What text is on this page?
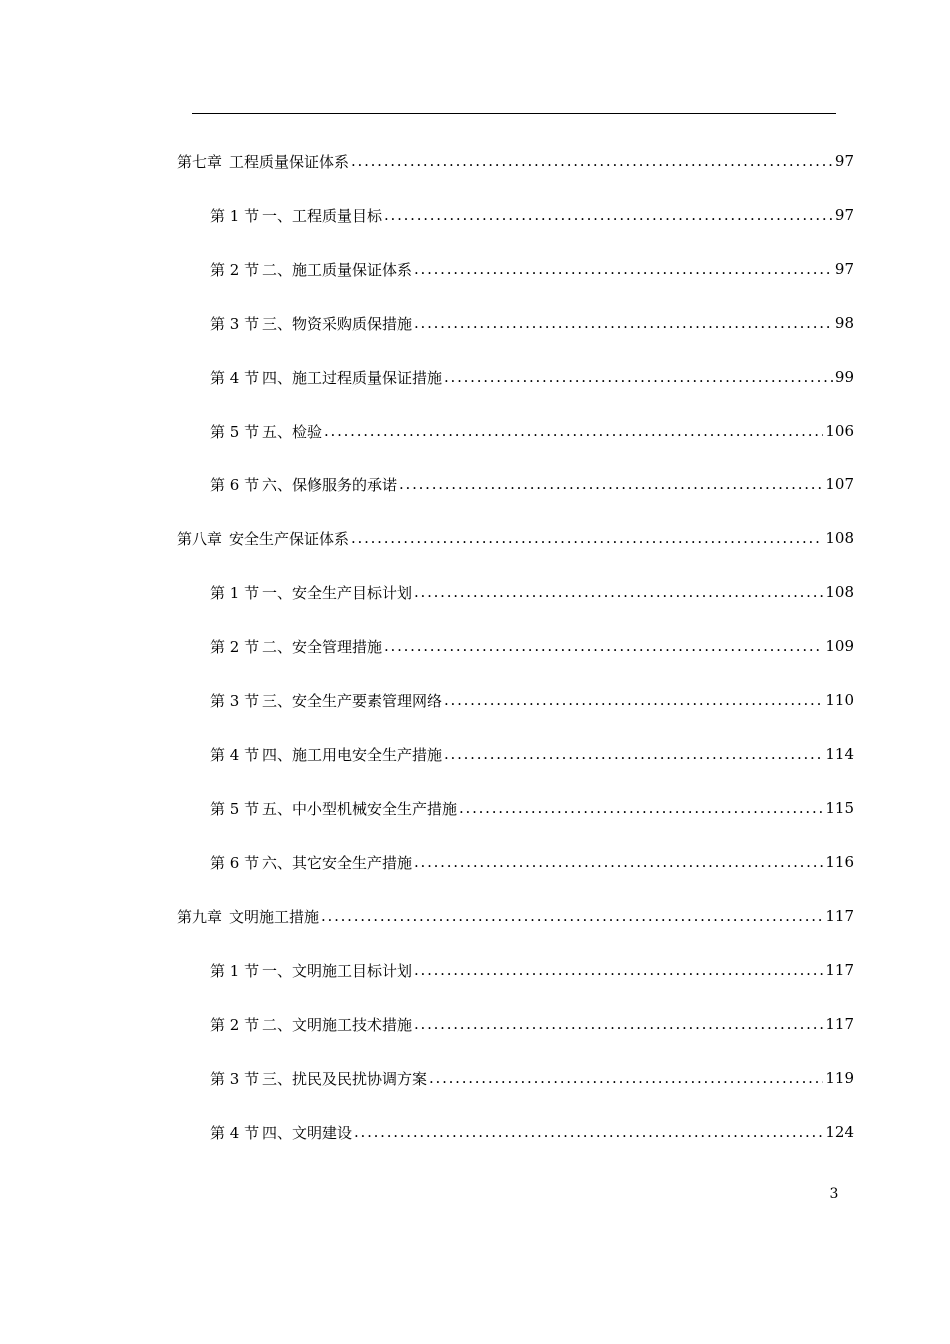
第七章 工程质量保证体系 . . .	97
第 1 节 一、工程质量目标 . . .	97
第 2 节 二、施工质量保证体系 . . .	97
第 3 节 三、物资采购质保措施 . . .	98
第 4 节 四、施工过程质量保证措施 . . .	99
第 5 节 五、检验 . . .	106
第 6 节 六、保修服务的承诺 . . .	107
第八章 安全生产保证体系 . . .	108
第 1 节 一、安全生产目标计划 . . .	108
第 2 节 二、安全管理措施 . . .	109
第 3 节 三、安全生产要素管理网络 . . .	110
第 4 节 四、施工用电安全生产措施 . . .	114
第 5 节 五、中小型机械安全生产措施 . . .	115
第 6 节 六、其它安全生产措施 . . .	116
第九章 文明施工措施 . . .	117
第 1 节 一、文明施工目标计划 . . .	117
第 2 节 二、文明施工技术措施 . . .	117
第 3 节 三、扰民及民扰协调方案 . . .	119
第 4 节 四、文明建设 . . .	124
3
